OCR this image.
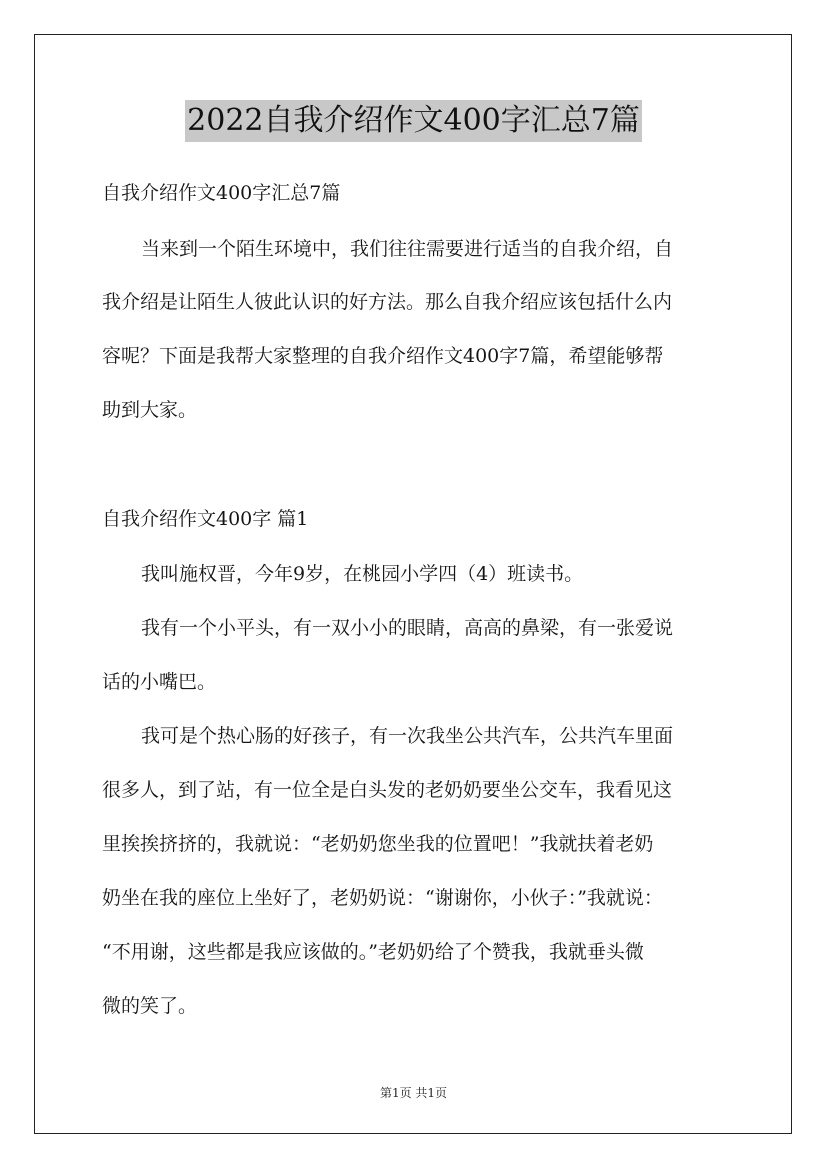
2022自我介绍作文400字汇总7篇
自我介绍作文400字汇总7篇
当来到一个陌生环境中，我们往往需要进行适当的自我介绍，自
我介绍是让陌生人彼此认识的好方法。那么自我介绍应该包括什么内
容呢？下面是我帮大家整理的自我介绍作文400字7篇，希望能够帮
助到大家。
自我介绍作文400字 篇1
我叫施权晋，今年9岁，在桃园小学四（4）班读书。
我有一个小平头，有一双小小的眼睛，高高的鼻梁，有一张爱说
话的小嘴巴。
我可是个热心肠的好孩子，有一次我坐公共汽车，公共汽车里面
很多人，到了站，有一位全是白头发的老奶奶要坐公交车，我看见这
里挨挨挤挤的，我就说：“老奶奶您坐我的位置吧！”我就扶着老奶
奶坐在我的座位上坐好了，老奶奶说：“谢谢你，小伙子：”我就说：
“不用谢，这些都是我应该做的。”老奶奶给了个赞我，我就垂头微
微的笑了。
第1页 共1页
